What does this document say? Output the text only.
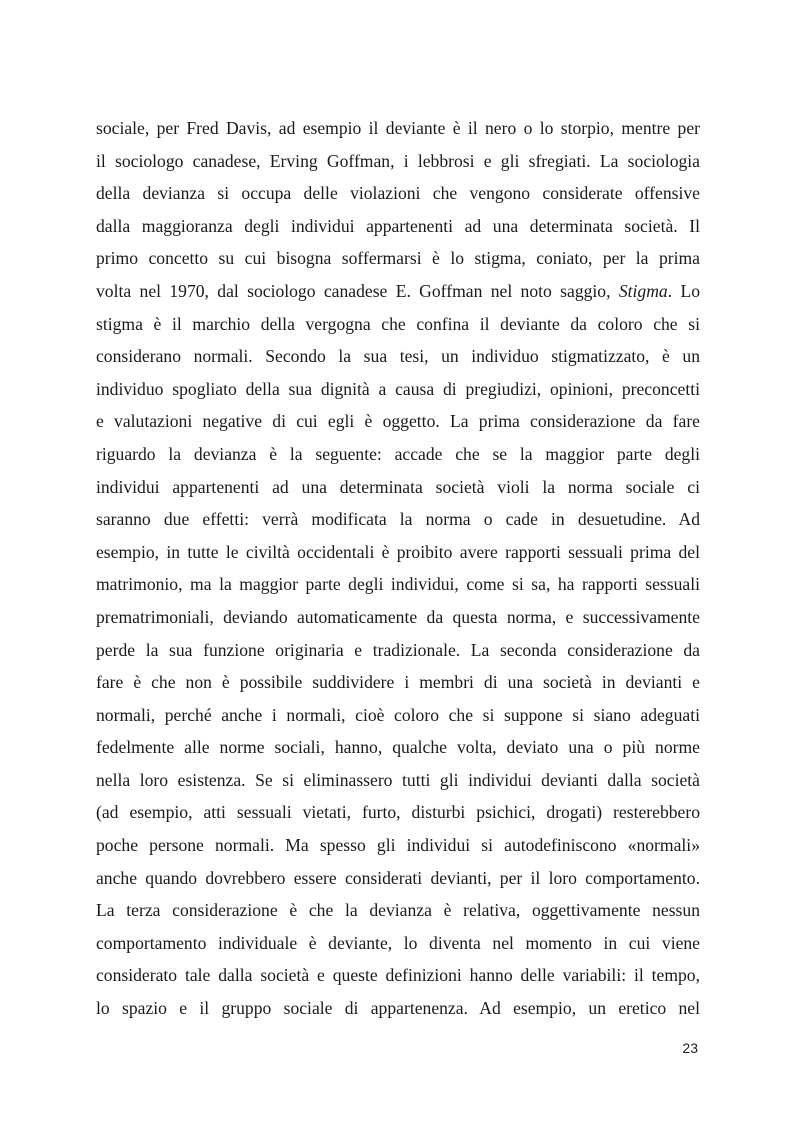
sociale, per Fred Davis, ad esempio il deviante è il nero o lo storpio, mentre per
il sociologo canadese, Erving Goffman, i lebbrosi e gli sfregiati. La sociologia
della devianza si occupa delle violazioni che vengono considerate offensive
dalla maggioranza degli individui appartenenti ad una determinata società. Il
primo concetto su cui bisogna soffermarsi è lo stigma, coniato, per la prima
volta nel 1970, dal sociologo canadese E. Goffman nel noto saggio, Stigma. Lo
stigma è il marchio della vergogna che confina il deviante da coloro che si
considerano normali. Secondo la sua tesi, un individuo stigmatizzato, è un
individuo spogliato della sua dignità a causa di pregiudizi, opinioni, preconcetti
e valutazioni negative di cui egli è oggetto. La prima considerazione da fare
riguardo la devianza è la seguente: accade che se la maggior parte degli
individui appartenenti ad una determinata società violi la norma sociale ci
saranno due effetti: verrà modificata la norma o cade in desuetudine. Ad
esempio, in tutte le civiltà occidentali è proibito avere rapporti sessuali prima del
matrimonio, ma la maggior parte degli individui, come si sa, ha rapporti sessuali
prematrimoniali, deviando automaticamente da questa norma, e successivamente
perde la sua funzione originaria e tradizionale. La seconda considerazione da
fare è che non è possibile suddividere i membri di una società in devianti e
normali, perché anche i normali, cioè coloro che si suppone si siano adeguati
fedelmente alle norme sociali, hanno, qualche volta, deviato una o più norme
nella loro esistenza. Se si eliminassero tutti gli individui devianti dalla società
(ad esempio, atti sessuali vietati, furto, disturbi psichici, drogati) resterebbero
poche persone normali. Ma spesso gli individui si autodefiniscono «normali»
anche quando dovrebbero essere considerati devianti, per il loro comportamento.
La terza considerazione è che la devianza è relativa, oggettivamente nessun
comportamento individuale è deviante, lo diventa nel momento in cui viene
considerato tale dalla società e queste definizioni hanno delle variabili: il tempo,
lo spazio e il gruppo sociale di appartenenza. Ad esempio, un eretico nel
23
